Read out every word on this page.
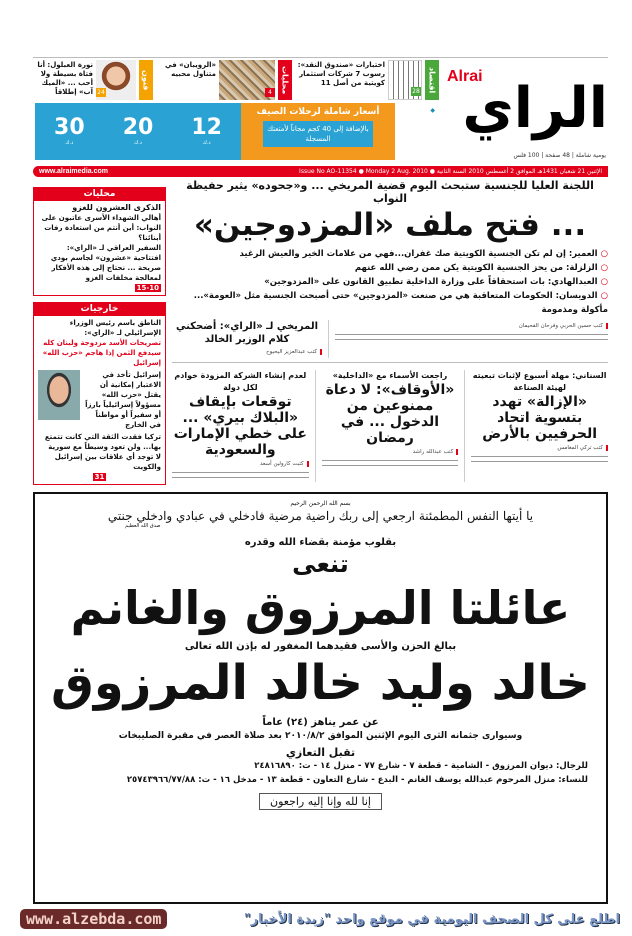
فنون
24
نورة العبلول: أنا فتاة بسيطة ولا أحب ... «الميك آب» إطلاقاً	محليات
4
«الرويبان» في متناول محبيه	اقتصاد
28
اختبارات «صندوق النقد»: رسوب 7 شركات استثمار كويتية من أصل 11	Alrai
الراي
يومية شاملة | 48 صفحة | 100 فلس
◆
أسعار شاملة لرحلات الصيف
بالإضافة إلى 40 كجم مجاناً لأمتعتك المسجلة
12
د.ك
20
د.ك
30
د.ك
www.alraimedia.com	الإثنين 21 شعبان 1431هـ الموافق 2 أغسطس 2010 السنة الثانية ● Issue No AO-11354 ● Monday 2 Aug. 2010
اللجنة العليا للجنسية ستبحث اليوم قضية المريخي ... و«جحوده» يثير حفيظة النواب
... فتح ملف «المزدوجين»
○ العمير: إن لم تكن الجنسية الكويتية صك غفران...فهي من علامات الخير والعيش الرغيد
○ الزلزلة: من يحز الجنسية الكويتية يكن ممن رضي الله عنهم
○ العبدالهادي: بات استحقاقاً على وزارة الداخلية تطبيق القانون على «المزدوجين»
○ الدويسان: الحكومات المتعاقبة هي من صنعت «المزدوجين» حتى أصبحت الجنسية مثل «العومة»... مأكولة ومذمومة
كتب حسين الحربي وفرحان الفحيمان
المريخي لـ «الراي»: أضحكني كلام الوزير الخالد
كتب عبدالعزيز اليحيوح
السناني: مهلة أسبوع لإثبات تبعيته لهيئة الصناعة
«الإزالة» تهدد بتسوية اتحاد الحرفيين بالأرض
كتب تركي المغامس
راجعت الأسماء مع «الداخلية»
«الأوقاف»: لا دعاة ممنوعين من الدخول ... في رمضان
كتب عبدالله راشد
لعدم إنشاء الشركة المزودة خوادم لكل دولة
توقعات بإيقاف «البلاك بيري» ... على خطي الإمارات والسعودية
كتبت كارولين أسعد
محليات

الذكرى العشرون للغزو

أهالي الشهداء الأسرى عاتبون على النواب: أين أنتم من استعادة رفات أبنائنا؟

السفير العراقي لـ «الراي»:

افتتاحية «عشرون» لجاسم بودي صريحة ... نحتاج إلى هذه الأفكار لمعالجة مخلفات الغزو

15-10

خارجيات

الناطق باسم رئيس الوزراء الإسرائيلي لـ «الراي»:

تصريحات الأسد مزدوجة ولبنان كله سيدفع الثمن إذا هاجم «حزب الله» إسرائيل

إسرائيل تأخذ في الاعتبار إمكانية أن يقتل «حزب الله» مسؤولاً إسرائيلياً بارزاً أو سفيراً أو مواطناً في الخارج

تركيا فقدت الثقة التي كانت تتمتع بها... ولن تعود وسيطاً مع سورية

لا توجد أي علاقات بين إسرائيل والكويت

31

بسم الله الرحمن الرحيم
يا أيتها النفس المطمئنة ارجعي إلى ربك راضية مرضية فادخلي في عبادي وادخلي جنتي
صدق الله العظيم
بقلوب مؤمنة بقضاء الله وقدره
تنعى
عائلتا المرزوق والغانم
ببالغ الحزن والأسى فقيدهما المغفور له بإذن الله تعالى
خالد وليد خالد المرزوق
عن عمر يناهز (٢٤) عاماً
وسيوارى جثمانه الثرى اليوم الإثنين الموافق ٢٠١٠/٨/٢ بعد صلاة العصر في مقبرة الصليبخات
تقبل التعازي
للرجال: ديوان المرزوق - الشامية - قطعة ٧ - شارع ٧٧ - منزل ١٤ - ت: ٢٤٨١٦٨٩٠
للنساء: منزل المرحوم عبدالله يوسف الغانم - البدع - شارع التعاون - قطعة ١٣ - مدخل ١٦ - ت: ٢٥٧٤٣٩٦٦/٧٧/٨٨
إنا لله وإنا إليه راجعون
www.alzebda.com	اطلع على كل الصحف اليومية في موقع واحد "زبدة الأخبار"
